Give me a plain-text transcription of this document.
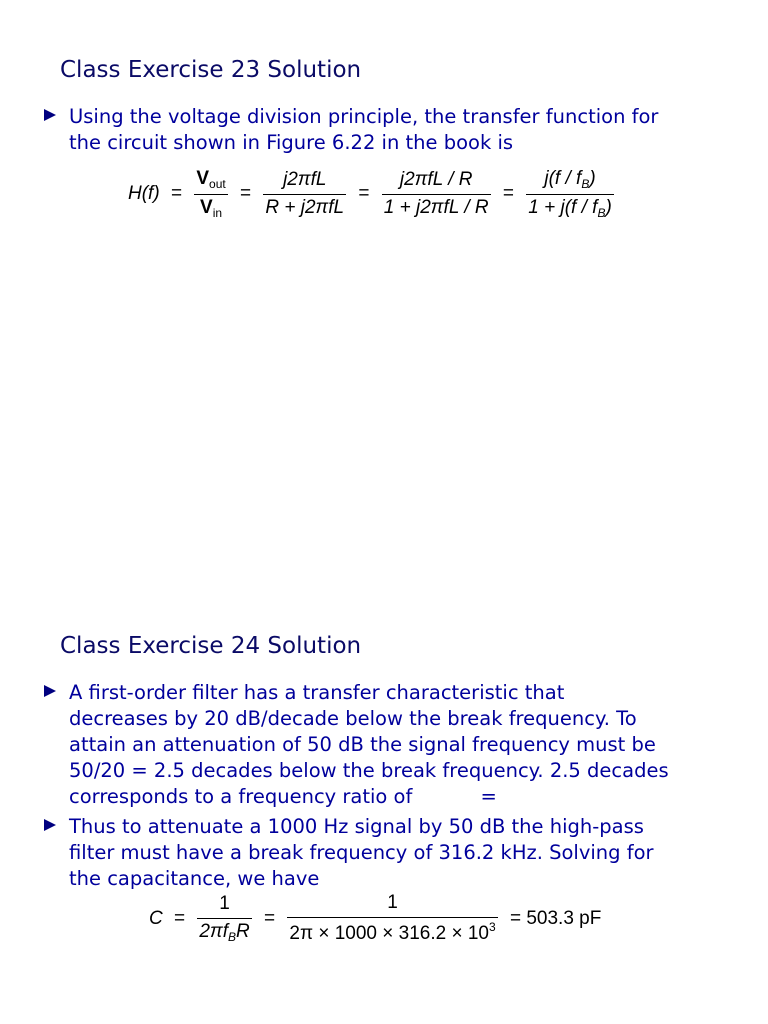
Class Exercise 23 Solution
Using the voltage division principle, the transfer function for
the circuit shown in Figure 6.22 in the book is
$H(f) = \frac{V_{out}}{V_{in}} = \frac{\text{j2πfL}}{\text{R + j2πfL}} = \frac{\text{j2πfL / R}}{\text{1 + j2πfL / R}} = \frac{j(f / f_B)}{1 + j(f / f_B)}$
Class Exercise 24 Solution
A first-order filter has a transfer characteristic that
decreases by 20 dB/decade below the break frequency. To
attain an attenuation of 50 dB the signal frequency must be
50/20 = 2.5 decades below the break frequency. 2.5 decades
corresponds to a frequency ratio of           =
Thus to attenuate a 1000 Hz signal by 50 dB the high-pass
filter must have a break frequency of 316.2 kHz. Solving for
the capacitance, we have
$C = \frac{1}{2\pi f_BR} = \frac{1}{2\pi \times 1000 \times 316.2 \times 10^3} = 503.3$ pF
